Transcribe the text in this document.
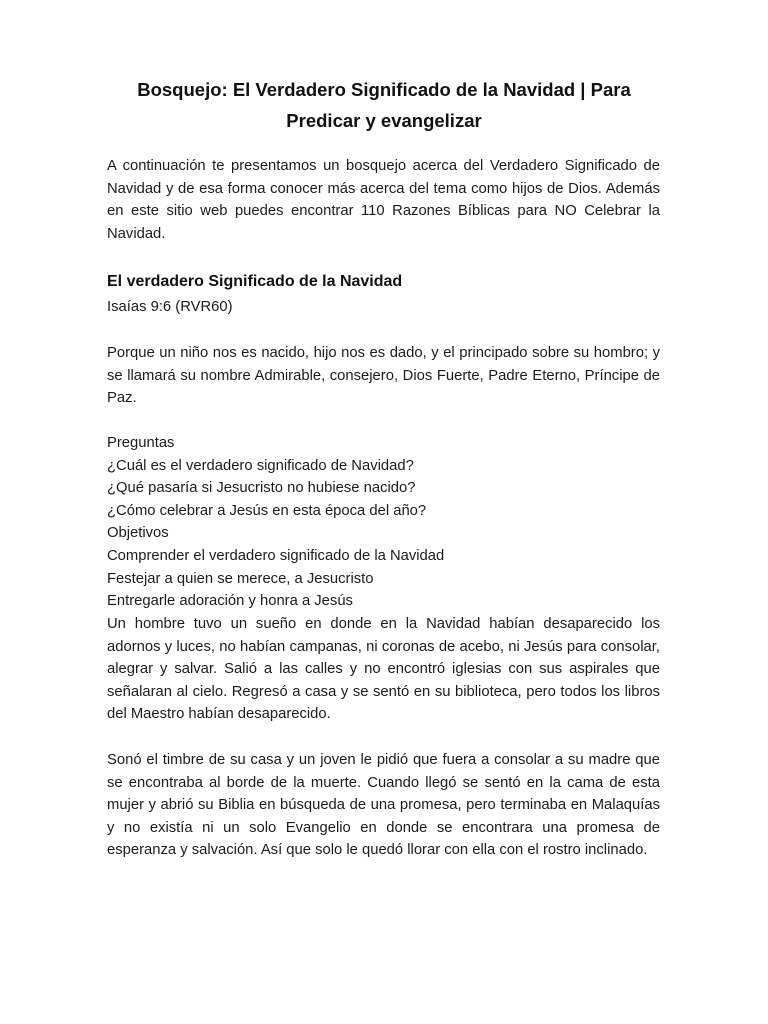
Bosquejo: El Verdadero Significado de la Navidad | Para Predicar y evangelizar

A continuación te presentamos un bosquejo acerca del Verdadero Significado de Navidad y de esa forma conocer más acerca del tema como hijos de Dios. Además en este sitio web puedes encontrar 110 Razones Bíblicas para NO Celebrar la Navidad.

El verdadero Significado de la Navidad

Isaías 9:6 (RVR60)

Porque un niño nos es nacido, hijo nos es dado, y el principado sobre su hombro; y se llamará su nombre Admirable, consejero, Dios Fuerte, Padre Eterno, Príncipe de Paz.

Preguntas
¿Cuál es el verdadero significado de Navidad?
¿Qué pasaría si Jesucristo no hubiese nacido?
¿Cómo celebrar a Jesús en esta época del año?
Objetivos
Comprender el verdadero significado de la Navidad
Festejar a quien se merece, a Jesucristo
Entregarle adoración y honra a Jesús

Un hombre tuvo un sueño en donde en la Navidad habían desaparecido los adornos y luces, no habían campanas, ni coronas de acebo, ni Jesús para consolar, alegrar y salvar. Salió a las calles y no encontró iglesias con sus aspirales que señalaran al cielo. Regresó a casa y se sentó en su biblioteca, pero todos los libros del Maestro habían desaparecido.

Sonó el timbre de su casa y un joven le pidió que fuera a consolar a su madre que se encontraba al borde de la muerte. Cuando llegó se sentó en la cama de esta mujer y abrió su Biblia en búsqueda de una promesa, pero terminaba en Malaquías y no existía ni un solo Evangelio en donde se encontrara una promesa de esperanza y salvación. Así que solo le quedó llorar con ella con el rostro inclinado.
